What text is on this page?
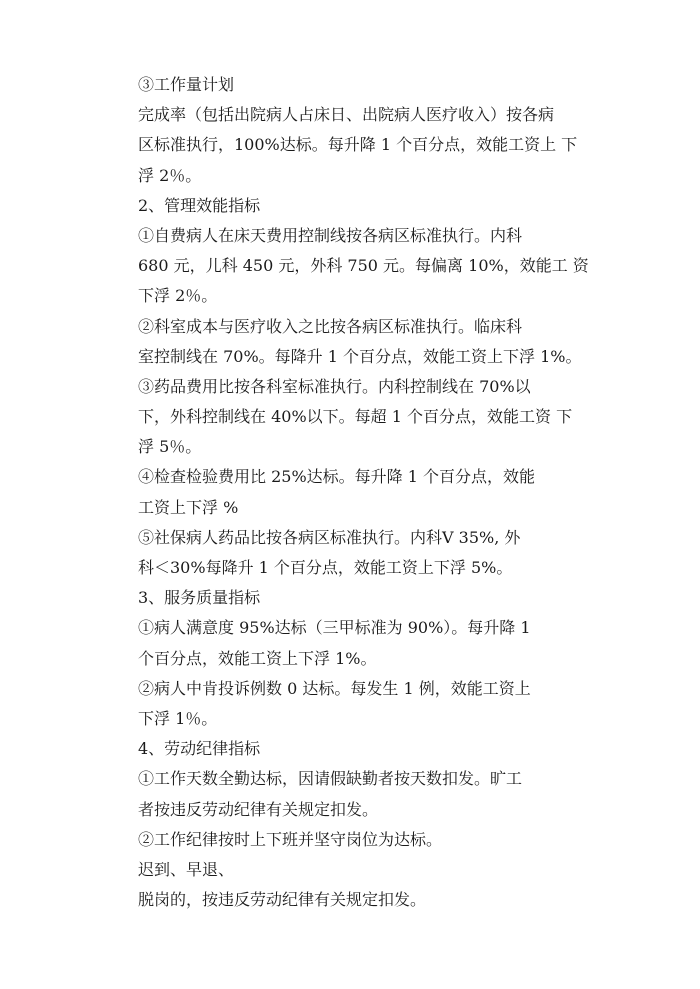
③工作量计划
完成率（包括出院病人占床日、出院病人医疗收入）按各病
区标准执行，100%达标。每升降 1 个百分点，效能工资上 下
浮 2％。
2、管理效能指标
①自费病人在床天费用控制线按各病区标准执行。内科
680 元，儿科 450 元，外科 750 元。每偏离 10%，效能工 资
下浮 2％。
②科室成本与医疗收入之比按各病区标准执行。临床科
室控制线在 70%。每降升 1 个百分点，效能工资上下浮 1%。
③药品费用比按各科室标准执行。内科控制线在 70%以
下，外科控制线在 40%以下。每超 1 个百分点，效能工资 下
浮 5％。
④检查检验费用比 25%达标。每升降 1 个百分点，效能
工资上下浮 %
⑤社保病人药品比按各病区标准执行。内科Ⅴ 35%, 外
科＜30%每降升 1 个百分点，效能工资上下浮 5%。
3、服务质量指标
①病人满意度 95%达标（三甲标准为 90%）。每升降 1
个百分点，效能工资上下浮 1%。
②病人中肯投诉例数 0 达标。每发生 1 例，效能工资上
下浮 1％。
4、劳动纪律指标
①工作天数全勤达标，因请假缺勤者按天数扣发。旷工
者按违反劳动纪律有关规定扣发。
②工作纪律按时上下班并坚守岗位为达标。
迟到、早退、
脱岗的，按违反劳动纪律有关规定扣发。
